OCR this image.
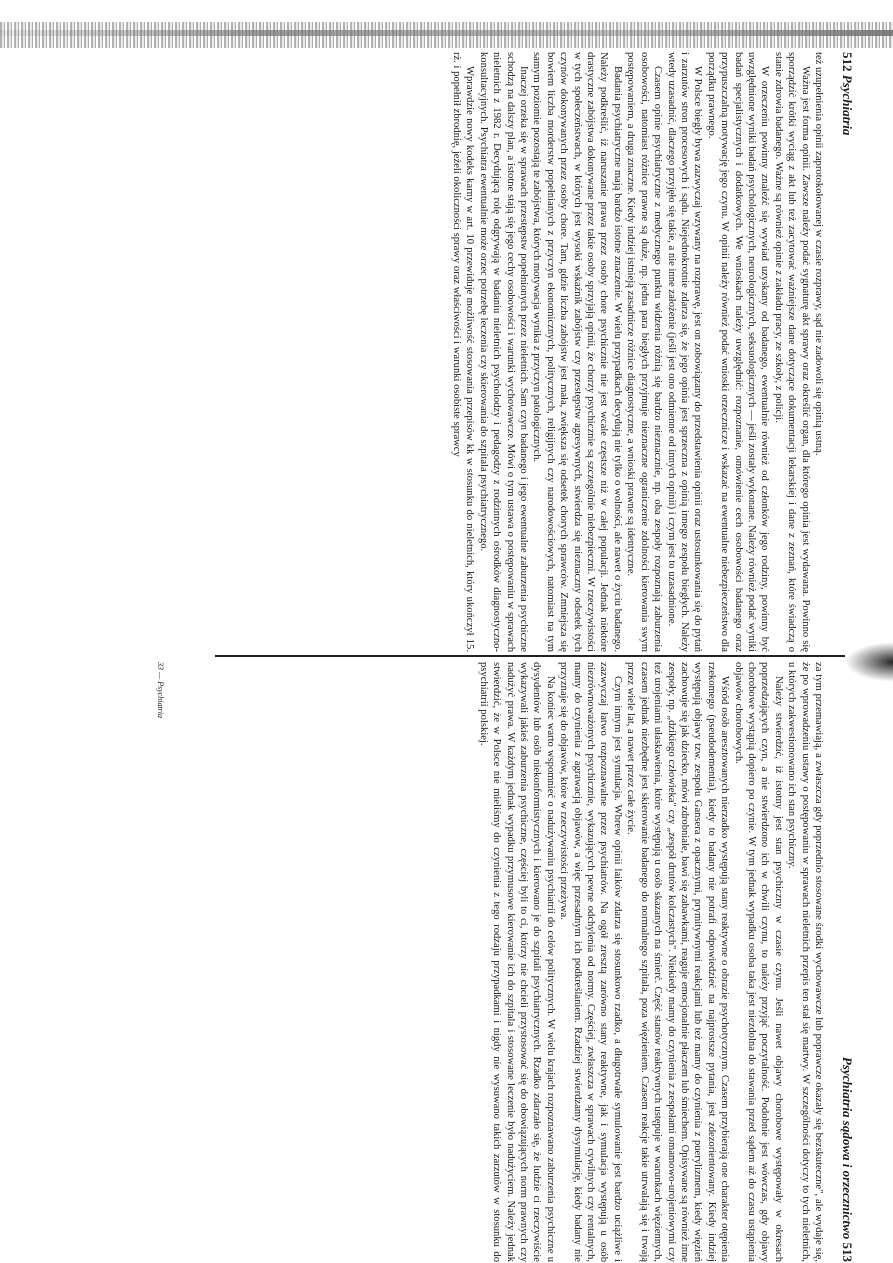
512 Psychiatria

też uzupełnienia opinii zaprotokołowanej w czasie rozprawy, sąd nie zadowoli się opinią ustną.

Ważna jest forma opinii. Zawsze należy podać sygnaturę akt sprawy oraz określić organ, dla którego opinia jest wydawana. Powinno się sporządzić krótki wyciąg z akt lub też zacytować ważniejsze dane dotyczące dokumentacji lekarskiej i dane z zeznań, które świadczą o stanie zdrowia badanego. Ważne są również opinie z zakładu pracy, ze szkoły, z policji.

W orzeczeniu powinny znaleźć się wywiad uzyskany od badanego, ewentualnie również od członków jego rodziny, powinny być uwzględnione wyniki badań psychologicznych, neurologicznych, seksuologicznych — jeśli zostały wykonane. Należy również podać wyniki badań specjalistycznych i dodatkowych. We wnioskach należy uwzględnić: rozpoznanie, omówienie cech osobowości badanego oraz przypuszczalną motywację jego czynu. W opinii należy również podać wnioski orzecznicze i wskazać na ewentualne niebezpieczeństwo dla porządku prawnego.

W Polsce biegły bywa zazwyczaj wzywany na rozprawę, jest on zobowiązany do przedstawienia opinii oraz ustosunkowania się do pytań i zarzutów stron procesowych i sądu. Niejednokrotnie zdarza się, że jego opinia jest sprzeczna z opinią innego zespołu biegłych. Należy wtedy uzasadnić, dlaczego przyjęło się takie, a nie inne założenie (jeśli jest ono odmienne od innych opinii) i czym jest to uzasadnione.

Czasem opinie psychiatryczne z medycznego punktu widzenia różnią się bardzo nieznacznie, np. oba zespoły rozpoznają zaburzenia osobowości, natomiast różnice prawne są duże, np. jedna para biegłych przyjmuje nieznaczne ograniczenie zdolności kierowania swym postępowaniem, a druga znaczne. Kiedy indziej istnieją zasadnicze różnice diagnostyczne, a wnioski prawne są identyczne.

Badania psychiatryczne mają bardzo istotne znaczenie. W wielu przypadkach decydują nie tylko o wolności, ale nawet o życiu badanego. Należy podkreślić, iż naruszanie prawa przez osoby chore psychicznie nie jest wcale częstsze niż w całej populacji. Jednak niektóre drastyczne zabójstwa dokonywane przez takie osoby sprzyjają opinii, że chorzy psychicznie są szczególnie niebezpieczni. W rzeczywistości w tych społeczeństwach, w których jest wysoki wskaźnik zabójstw czy przestępstw agresywnych, stwierdza się nieznaczny odsetek tych czynów dokonywanych przez osoby chore. Tam, gdzie liczba zabójstw jest mała, zwiększa się odsetek chorych sprawców. Zmniejsza się bowiem liczba morderstw popełnianych z przyczyn ekonomicznych, politycznych, religijnych czy narodowościowych, natomiast na tym samym poziomie pozostają te zabójstwa, których motywacja wynika z przyczyn patologicznych.

Inaczej orzeka się w sprawach przestępstw popełnionych przez nieletnich. Sam czyn badanego i jego ewentualne zaburzenia psychiczne schodzą na dalszy plan, a istotne stają się jego cechy osobowości i warunki wychowawcze. Mówi o tym ustawa o postępowaniu w sprawach nieletnich z 1982 r. Decydującą rolę odgrywają w badaniu nieletnich psycholodzy i pedagodzy z rodzinnych ośrodków diagnostyczno-konsultacyjnych. Psychiatra ewentualnie może orzec potrzebę leczenia czy skierowania do szpitala psychiatrycznego.

Wprawdzie nowy kodeks karny w art. 10 przewiduje możliwość stosowania przepisów kk w stosunku do nieletnich, który ukończył 15. rż. i popełnił zbrodnię, jeżeli okoliczności sprawy oraz właściwości i warunki osobiste sprawcy

Psychiatria sądowa i orzecznictwo 513

za tym przemawiają, a zwłaszcza gdy poprzednio stosowane środki wychowawcze lub poprawcze okazały się bezskuteczne", ale wydaje się, że po wprowadzeniu ustawy o postępowaniu w sprawach nieletnich przepis ten stał się martwy. W szczególności dotyczy to tych nieletnich, u których zakwestionowano ich stan psychiczny.

Należy stwierdzić, iż istotny jest stan psychiczny w czasie czynu. Jeśli nawet objawy chorobowe występowały w okresach poprzedzających czyn, a nie stwierdzono ich w chwili czynu, to należy przyjąć poczytalność. Podobnie jest wówczas, gdy objawy chorobowe wystąpią dopiero po czynie. W tym jednak wypadku osoba taka jest niezdolna do stawania przed sądem aż do czasu ustąpienia objawów chorobowych.

Wśród osób aresztowanych nierzadko występują stany reaktywne o obrazie psychotycznym. Czasem przybierają one charakter otępienia rzekomego (pseudodementia), kiedy to badany nie potrafi odpowiedzieć na najprostsze pytania, jest zdezorientowany. Kiedy indziej występują objawy tzw. zespołu Gansera z opacznymi, prymitywnymi reakcjami lub też mamy do czynienia z puerylizmem, kiedy więzień zachowuje się jak dziecko, mówi zdrobniale, bawi się zabawkami, reaguje emocjonalnie płaczem lub śmiechem. Opisywane są również inne zespoły, np. „dzikiego człowieka" czy „zespół drutów kolczastych". Niekiedy mamy do czynienia z zespołami omamowo-urojeniowymi czy też urojeniami ułaskawienia, które występują u osób skazanych na śmierć. Część stanów reaktywnych ustępuje w warunkach więziennych, czasem jednak niezbędne jest skierowanie badanego do normalnego szpitala, poza więzieniem. Czasem reakcje takie utrwalają się i trwają przez wiele lat, a nawet przez całe życie.

Czym innym jest symulacja. Wbrew opinii laików zdarza się stosunkowo rzadko, a długotrwałe symulowanie jest bardzo uciążliwe i zazwyczaj łatwo rozpoznawalne przez psychiatrów. Na ogół zresztą zarówno stany reaktywne, jak i symulacja występują u osób niezrównoważonych psychicznie, wykazujących pewne odchylenia od normy. Częściej, zwłaszcza w sprawach cywilnych czy rentalnych, mamy do czynienia z agrawacją objawów, a więc przesadnym ich podkreślaniem. Rzadziej stwierdzamy dysymulację, kiedy badany nie przyznaje się do objawów, które w rzeczywistości przeżywa.

Na koniec warto wspomnieć o nadużywaniu psychiatrii do celów politycznych. W wielu krajach rozpoznawano zaburzenia psychiczne u dysydentów lub osób niekonformistycznych i kierowano je do szpitali psychiatrycznych. Rzadko zdarzało się, że ludzie ci rzeczywiście wykazywali jakieś zaburzenia psychiczne, częściej byli to ci, którzy nie chcieli przystosować się do obowiązujących norm prawnych czy nadużyć prawa. W każdym jednak wypadku przymusowe kierowanie ich do szpitala i stosowane leczenie było nadużyciem. Należy jednak stwierdzić, że w Polsce nie mieliśmy do czynienia z tego rodzaju przypadkami i nigdy nie wysuwano takich zarzutów w stosunku do psychiatrii polskiej.

33 — Psychiatria
